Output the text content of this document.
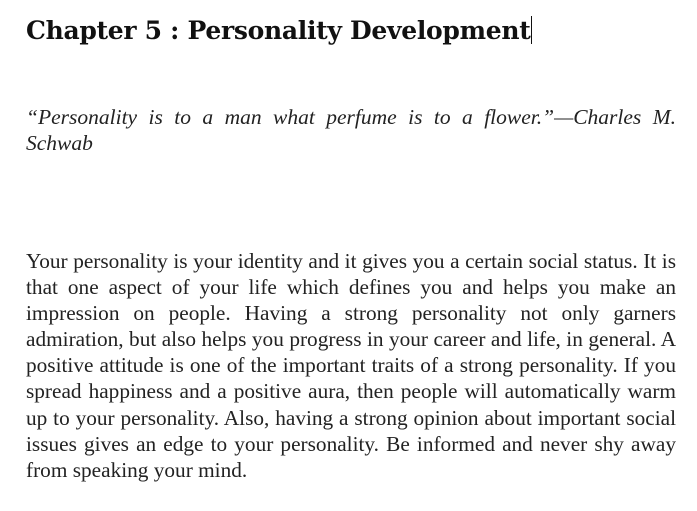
Chapter 5 : Personality Development

“Personality is to a man what perfume is to a flower.”—Charles M. Schwab

Your personality is your identity and it gives you a certain social status. It is that one aspect of your life which defines you and helps you make an impression on people. Having a strong personality not only garners admiration, but also helps you progress in your career and life, in general. A positive attitude is one of the important traits of a strong personality. If you spread happiness and a positive aura, then people will automatically warm up to your personality. Also, having a strong opinion about important social issues gives an edge to your personality. Be informed and never shy away from speaking your mind.
